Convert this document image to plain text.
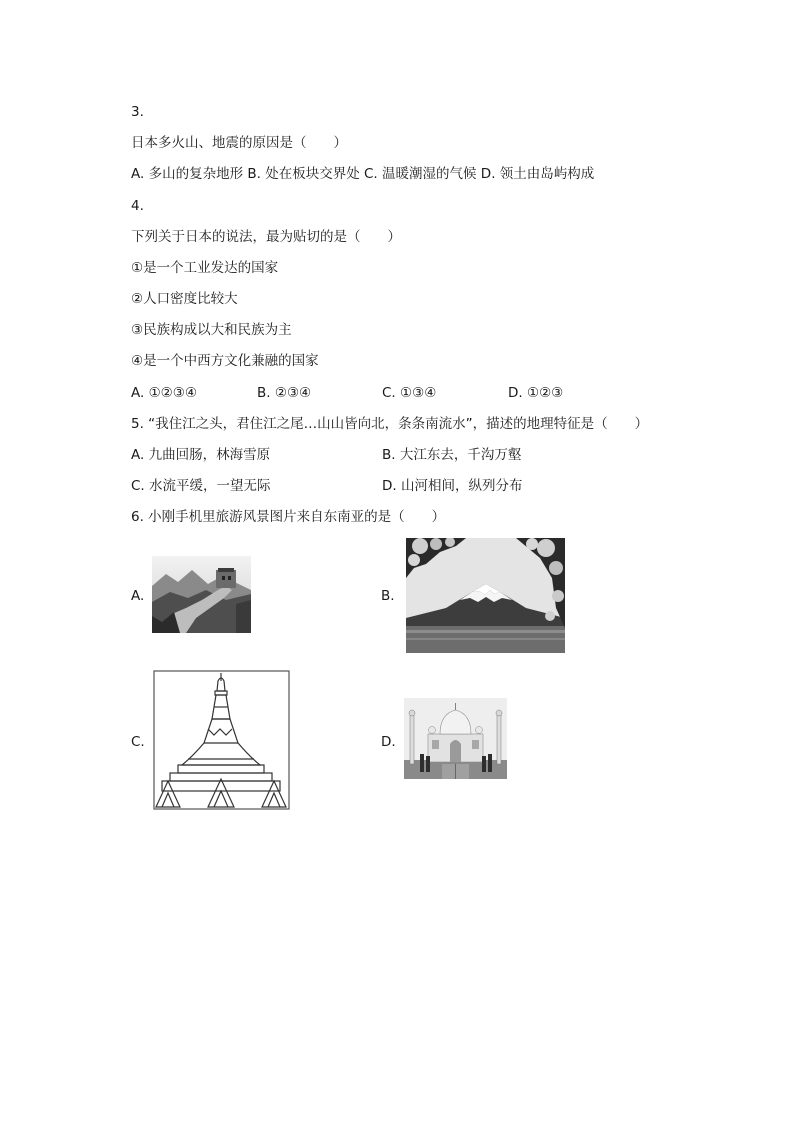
3.
日本多火山、地震的原因是（　　）
A. 多山的复杂地形 B. 处在板块交界处 C. 温暖潮湿的气候 D. 领土由岛屿构成
4.
下列关于日本的说法，最为贴切的是（　　）
①是一个工业发达的国家
②人口密度比较大
③民族构成以大和民族为主
④是一个中西方文化兼融的国家
A. ①②③④	B. ②③④	C. ①③④	D. ①②③
5. “我住江之头，君住江之尾…山山皆向北，条条南流水”，描述的地理特征是（　　）
A. 九曲回肠，林海雪原	B. 大江东去，千沟万壑
C. 水流平缓，一望无际	D. 山河相间，纵列分布
6. 小刚手机里旅游风景图片来自东南亚的是（　　）
A.	B.
C.	D.
